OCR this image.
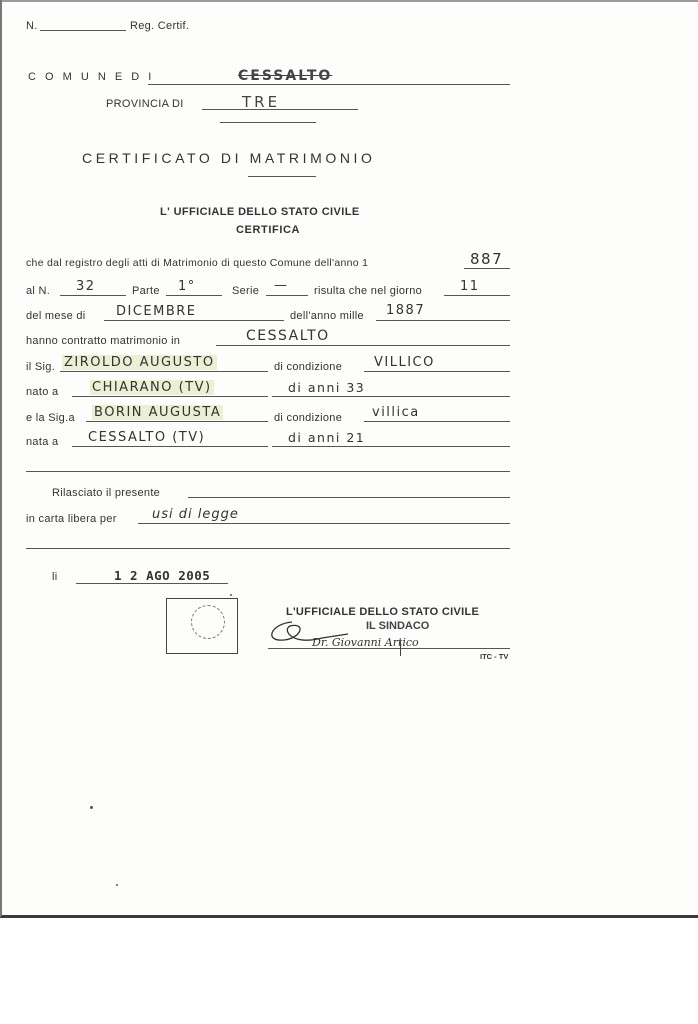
N.	Reg. Certif.
C O M U N E D I	CESSALTO
PROVINCIA DI	TRE
CERTIFICATO DI MATRIMONIO
L' UFFICIALE DELLO STATO CIVILE
CERTIFICA
che dal registro degli atti di Matrimonio di questo Comune dell'anno 1	887
al N. 32	Parte 1°	Serie — risulta che nel giorno	11
del mese di DICEMBRE	dell'anno mille 1887
hanno contratto matrimonio in	CESSALTO
il Sig. ZIROLDO AUGUSTO	di condizione VILLICO
nato a	CHIARANO (TV)	di anni 33
e la Sig.a BORIN AUGUSTA	di condizione villica
nata a CESSALTO (TV)	di anni 21
Rilasciato il presente
in carta libera per	usi di legge
li	1 2 AGO 2005
L'UFFICIALE DELLO STATO CIVILE
IL SINDACO
Dr. Giovanni Artico
ITC - TV
